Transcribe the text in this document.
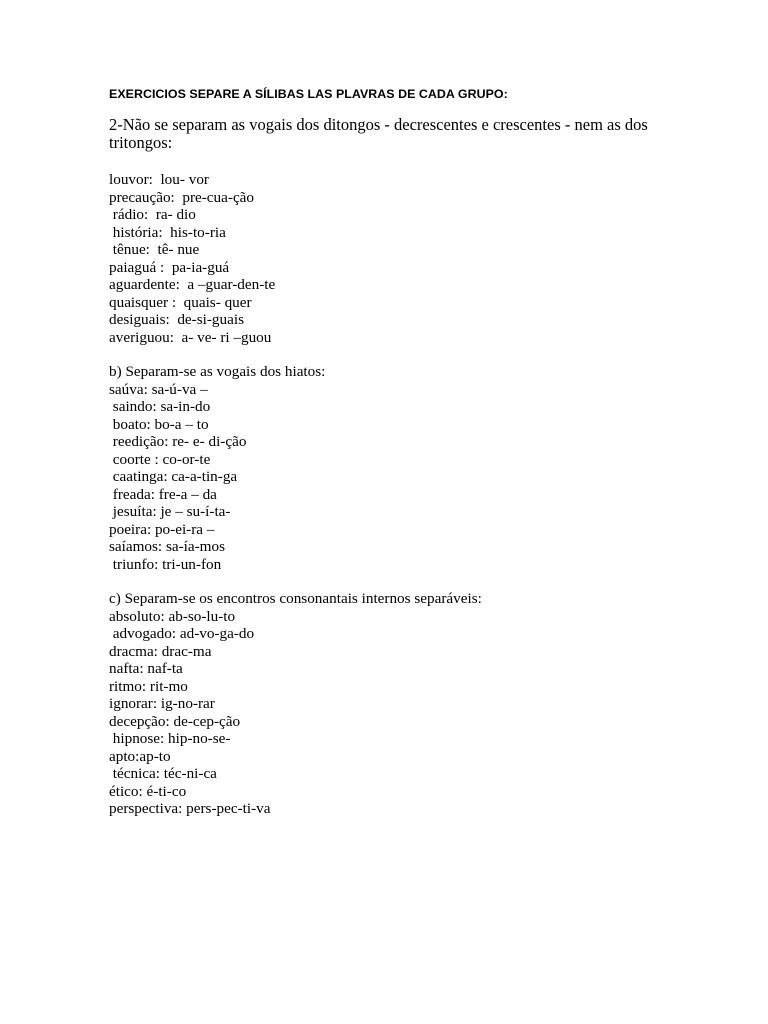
EXERCICIOS SEPARE A SÍLIBAS LAS PLAVRAS DE CADA GRUPO:

2-Não se separam as vogais dos ditongos - decrescentes e crescentes - nem as dos tritongos:

louvor:  lou- vor
precaução:  pre-cua-ção
rádio:  ra- dio
história:  his-to-ria
tênue:  tê- nue
paiaguá :  pa-ia-guá
aguardente:  a –guar-den-te
quaisquer :  quais- quer
desiguais:  de-si-guais
averiguou:  a- ve- ri –guou

b) Separam-se as vogais dos hiatos:

saúva: sa-ú-va –
saindo: sa-in-do
boato: bo-a – to
reedição: re- e- di-ção
coorte : co-or-te
caatinga: ca-a-tin-ga
freada: fre-a – da
jesuíta: je – su-í-ta-
poeira: po-ei-ra –
saíamos: sa-ía-mos
triunfo: tri-un-fon

c) Separam-se os encontros consonantais internos separáveis:

absoluto: ab-so-lu-to
advogado: ad-vo-ga-do
dracma: drac-ma
nafta: naf-ta
ritmo: rit-mo
ignorar: ig-no-rar
decepção: de-cep-ção
hipnose: hip-no-se-
apto:ap-to
técnica: téc-ni-ca
ético: é-ti-co
perspectiva: pers-pec-ti-va
